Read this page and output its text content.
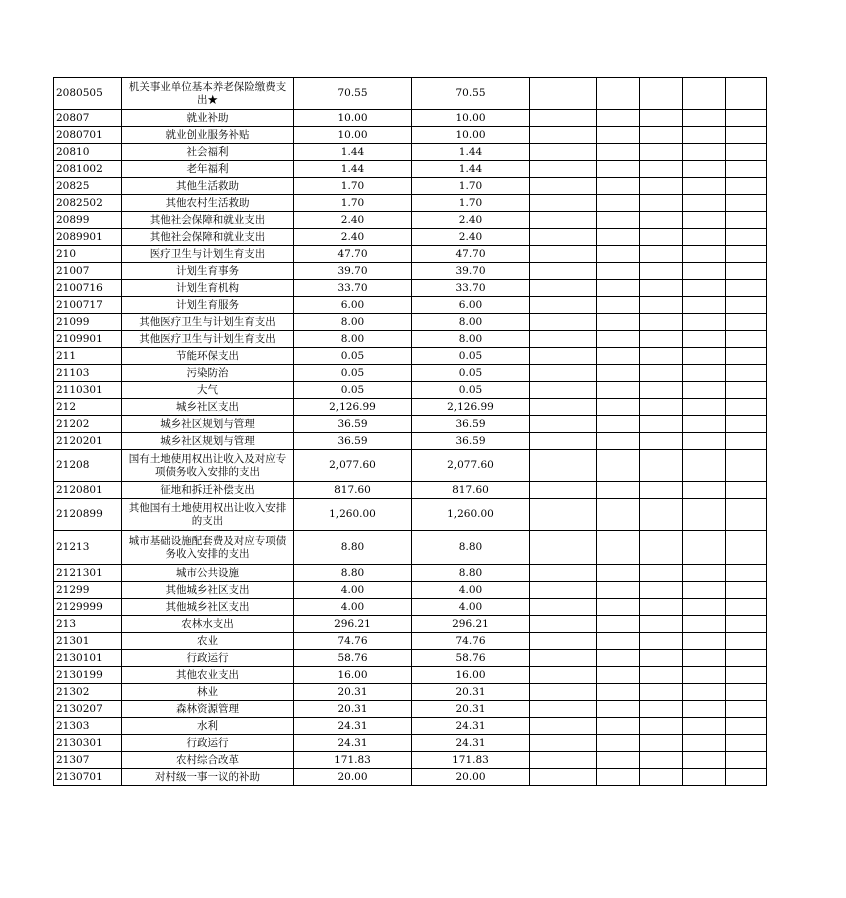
2080505	机关事业单位基本养老保险缴费支出★	70.55	70.55					
20807	就业补助	10.00	10.00					
2080701	就业创业服务补贴	10.00	10.00					
20810	社会福利	1.44	1.44					
2081002	老年福利	1.44	1.44					
20825	其他生活救助	1.70	1.70					
2082502	其他农村生活救助	1.70	1.70					
20899	其他社会保障和就业支出	2.40	2.40					
2089901	其他社会保障和就业支出	2.40	2.40					
210	医疗卫生与计划生育支出	47.70	47.70					
21007	计划生育事务	39.70	39.70					
2100716	计划生育机构	33.70	33.70					
2100717	计划生育服务	6.00	6.00					
21099	其他医疗卫生与计划生育支出	8.00	8.00					
2109901	其他医疗卫生与计划生育支出	8.00	8.00					
211	节能环保支出	0.05	0.05					
21103	污染防治	0.05	0.05					
2110301	大气	0.05	0.05					
212	城乡社区支出	2,126.99	2,126.99					
21202	城乡社区规划与管理	36.59	36.59					
2120201	城乡社区规划与管理	36.59	36.59					
21208	国有土地使用权出让收入及对应专项债务收入安排的支出	2,077.60	2,077.60					
2120801	征地和拆迁补偿支出	817.60	817.60					
2120899	其他国有土地使用权出让收入安排的支出	1,260.00	1,260.00					
21213	城市基础设施配套费及对应专项债务收入安排的支出	8.80	8.80					
2121301	城市公共设施	8.80	8.80					
21299	其他城乡社区支出	4.00	4.00					
2129999	其他城乡社区支出	4.00	4.00					
213	农林水支出	296.21	296.21					
21301	农业	74.76	74.76					
2130101	行政运行	58.76	58.76					
2130199	其他农业支出	16.00	16.00					
21302	林业	20.31	20.31					
2130207	森林资源管理	20.31	20.31					
21303	水利	24.31	24.31					
2130301	行政运行	24.31	24.31					
21307	农村综合改革	171.83	171.83					
2130701	对村级一事一议的补助	20.00	20.00					
